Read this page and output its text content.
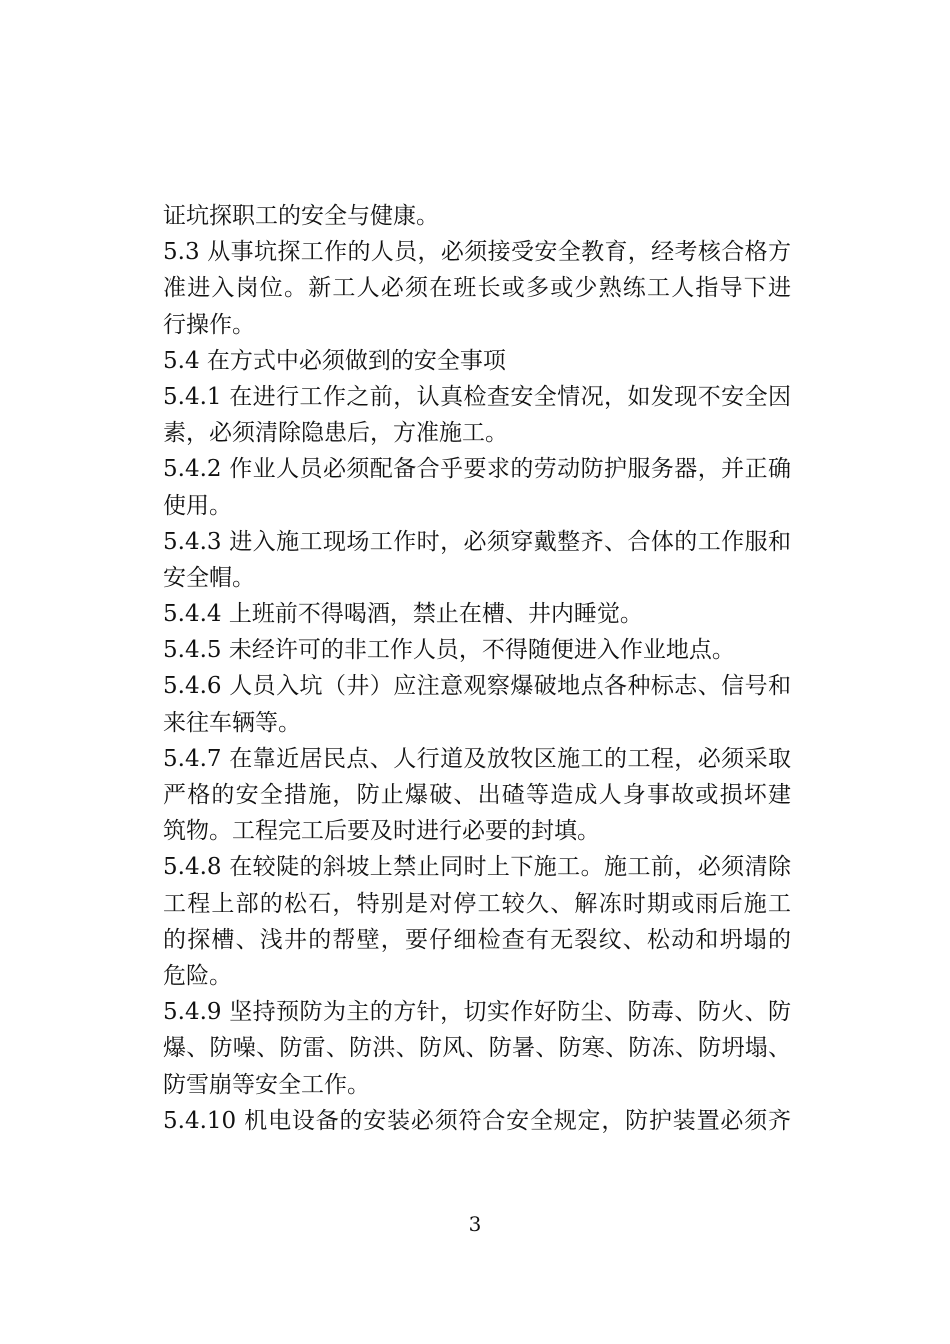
证坑探职工的安全与健康。
5.3 从事坑探工作的人员，必须接受安全教育，经考核合格方
准进入岗位。新工人必须在班长或多或少熟练工人指导下进
行操作。
5.4 在方式中必须做到的安全事项
5.4.1 在进行工作之前，认真检查安全情况，如发现不安全因
素，必须清除隐患后，方准施工。
5.4.2 作业人员必须配备合乎要求的劳动防护服务器，并正确
使用。
5.4.3 进入施工现场工作时，必须穿戴整齐、合体的工作服和
安全帽。
5.4.4 上班前不得喝酒，禁止在槽、井内睡觉。
5.4.5 未经许可的非工作人员，不得随便进入作业地点。
5.4.6 人员入坑（井）应注意观察爆破地点各种标志、信号和
来往车辆等。
5.4.7 在靠近居民点、人行道及放牧区施工的工程，必须采取
严格的安全措施，防止爆破、出碴等造成人身事故或损坏建
筑物。工程完工后要及时进行必要的封填。
5.4.8 在较陡的斜坡上禁止同时上下施工。施工前，必须清除
工程上部的松石，特别是对停工较久、解冻时期或雨后施工
的探槽、浅井的帮壁，要仔细检查有无裂纹、松动和坍塌的
危险。
5.4.9 坚持预防为主的方针，切实作好防尘、防毒、防火、防
爆、防噪、防雷、防洪、防风、防暑、防寒、防冻、防坍塌、
防雪崩等安全工作。
5.4.10 机电设备的安装必须符合安全规定，防护装置必须齐
3
